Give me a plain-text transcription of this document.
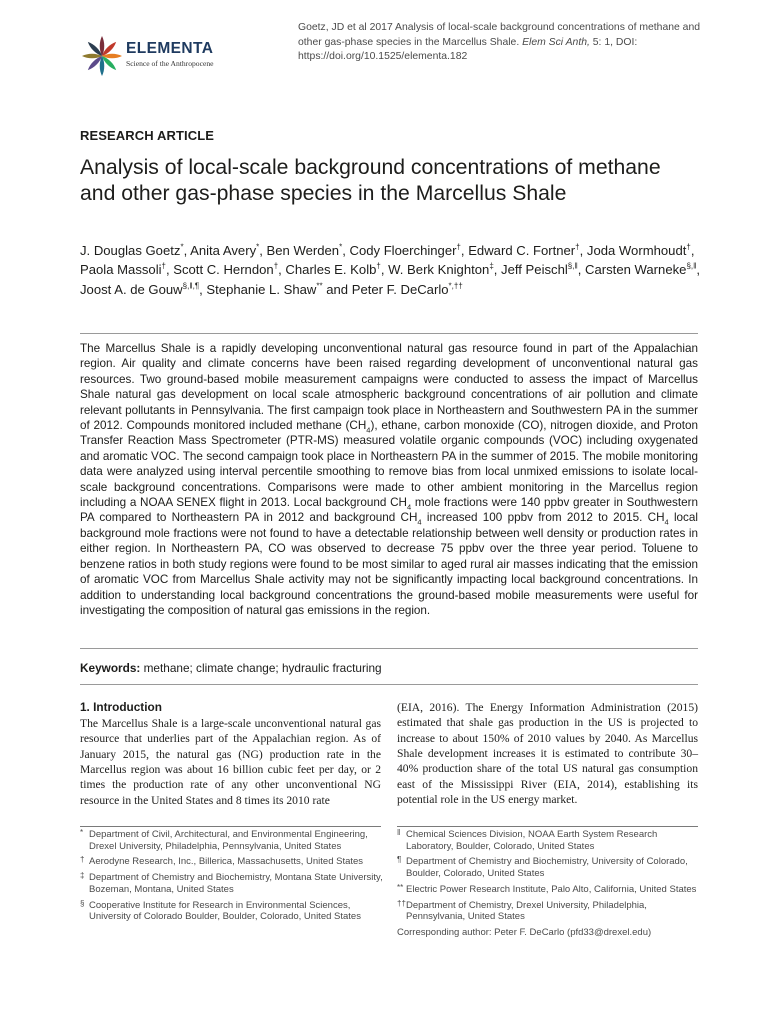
ELEMENTA
Science of the Anthropocene
Goetz, JD et al 2017 Analysis of local-scale background concentrations of methane and other gas-phase species in the Marcellus Shale. Elem Sci Anth, 5: 1, DOI: https://doi.org/10.1525/elementa.182
RESEARCH ARTICLE
Analysis of local-scale background concentrations of methane and other gas-phase species in the Marcellus Shale
J. Douglas Goetz*, Anita Avery*, Ben Werden*, Cody Floerchinger†, Edward C. Fortner†, Joda Wormhoudt†, Paola Massoli†, Scott C. Herndon†, Charles E. Kolb†, W. Berk Knighton‡, Jeff Peischl§,‖, Carsten Warneke§,‖, Joost A. de Gouw§,‖,¶, Stephanie L. Shaw** and Peter F. DeCarlo*,††
The Marcellus Shale is a rapidly developing unconventional natural gas resource found in part of the Appalachian region. Air quality and climate concerns have been raised regarding development of unconventional natural gas resources. Two ground-based mobile measurement campaigns were conducted to assess the impact of Marcellus Shale natural gas development on local scale atmospheric background concentrations of air pollution and climate relevant pollutants in Pennsylvania. The first campaign took place in Northeastern and Southwestern PA in the summer of 2012. Compounds monitored included methane $(CH_4)$, ethane, carbon monoxide (CO), nitrogen dioxide, and Proton Transfer Reaction Mass Spectrometer (PTR-MS) measured volatile organic compounds (VOC) including oxygenated and aromatic VOC. The second campaign took place in Northeastern PA in the summer of 2015. The mobile monitoring data were analyzed using interval percentile smoothing to remove bias from local unmixed emissions to isolate local-scale background concentrations. Comparisons were made to other ambient monitoring in the Marcellus region including a NOAA SENEX flight in 2013. Local background $CH_4$ mole fractions were 140 ppbv greater in Southwestern PA compared to Northeastern PA in 2012 and background $CH_4$ increased 100 ppbv from 2012 to 2015. $CH_4$ local background mole fractions were not found to have a detectable relationship between well density or production rates in either region. In Northeastern PA, CO was observed to decrease 75 ppbv over the three year period. Toluene to benzene ratios in both study regions were found to be most similar to aged rural air masses indicating that the emission of aromatic VOC from Marcellus Shale activity may not be significantly impacting local background concentrations. In addition to understanding local background concentrations the ground-based mobile measurements were useful for investigating the composition of natural gas emissions in the region.
Keywords: methane; climate change; hydraulic fracturing
1. Introduction
The Marcellus Shale is a large-scale unconventional natural gas resource that underlies part of the Appalachian region. As of January 2015, the natural gas (NG) production rate in the Marcellus region was about 16 billion cubic feet per day, or 2 times the production rate of any other unconventional NG resource in the United States and 8 times its 2010 rate
(EIA, 2016). The Energy Information Administration (2015) estimated that shale gas production in the US is projected to increase to about 150% of 2010 values by 2040. As Marcellus Shale development increases it is estimated to contribute 30–40% production share of the total US natural gas consumption east of the Mississippi River (EIA, 2014), establishing its potential role in the US energy market.
* Department of Civil, Architectural, and Environmental Engineering, Drexel University, Philadelphia, Pennsylvania, United States
† Aerodyne Research, Inc., Billerica, Massachusetts, United States
‡ Department of Chemistry and Biochemistry, Montana State University, Bozeman, Montana, United States
§ Cooperative Institute for Research in Environmental Sciences, University of Colorado Boulder, Boulder, Colorado, United States
‖ Chemical Sciences Division, NOAA Earth System Research Laboratory, Boulder, Colorado, United States
¶ Department of Chemistry and Biochemistry, University of Colorado, Boulder, Colorado, United States
** Electric Power Research Institute, Palo Alto, California, United States
†† Department of Chemistry, Drexel University, Philadelphia, Pennsylvania, United States
Corresponding author: Peter F. DeCarlo (pfd33@drexel.edu)
